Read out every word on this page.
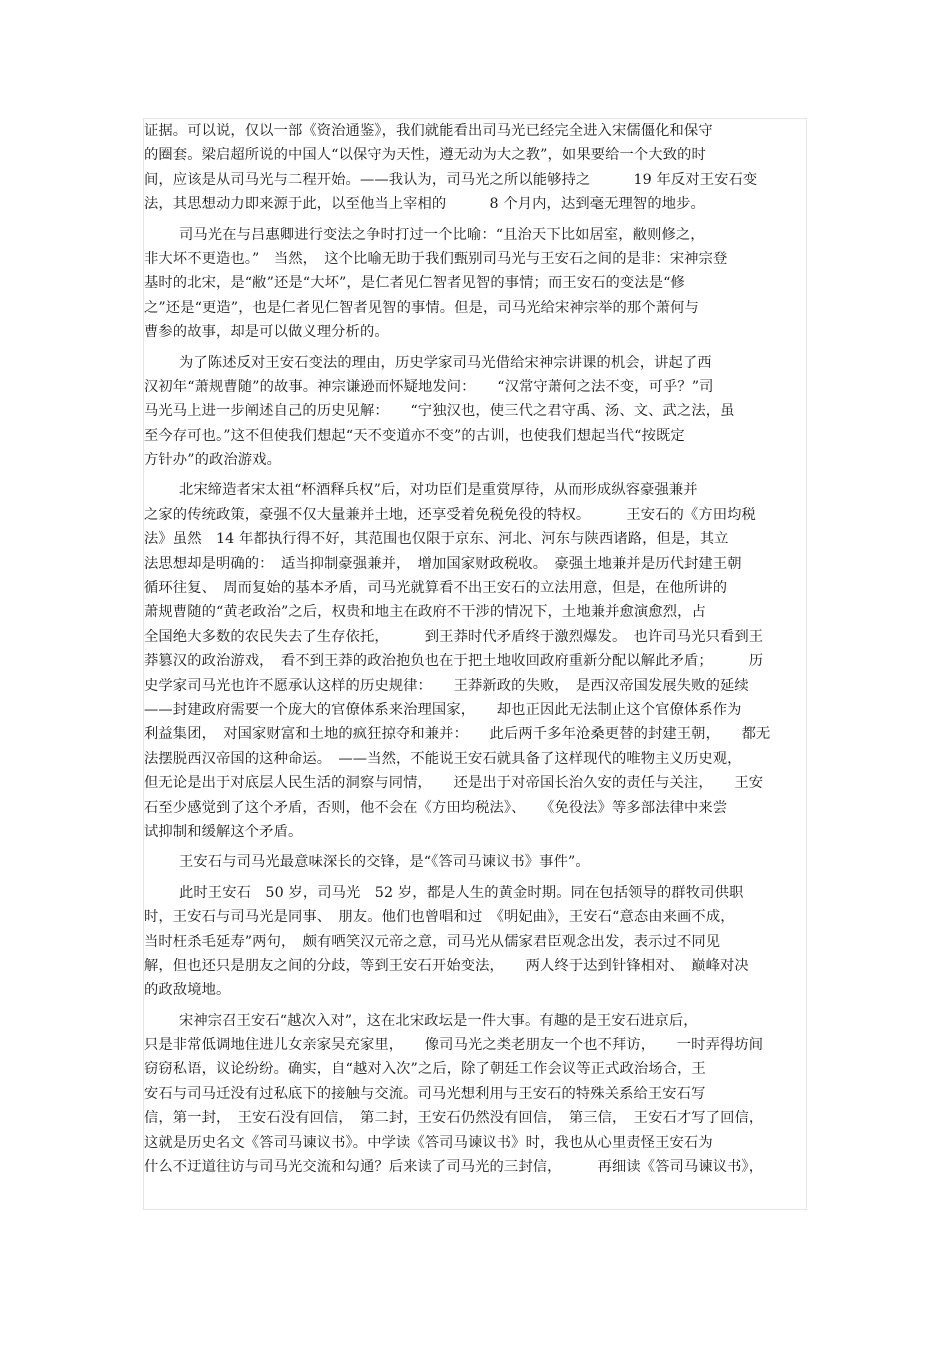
证据。可以说，仅以一部《资治通鉴》，我们就能看出司马光已经完全进入宋儒僵化和保守
的圈套。梁启超所说的中国人“以保守为天性，遵无动为大之教”，如果要给一个大致的时
间，应该是从司马光与二程开始。——我认为，司马光之所以能够持之　　　19 年反对王安石变
法，其思想动力即来源于此，以至他当上宰相的　　　8 个月内，达到毫无理智的地步。
司马光在与吕惠卿进行变法之争时打过一个比喻：“且治天下比如居室，敝则修之，
非大坏不更造也。”　当然，　这个比喻无助于我们甄别司马光与王安石之间的是非：宋神宗登
基时的北宋，是“敝”还是“大坏”，是仁者见仁智者见智的事情；而王安石的变法是“修
之”还是“更造”，也是仁者见仁智者见智的事情。但是，司马光给宋神宗举的那个萧何与
曹参的故事，却是可以做义理分析的。
为了陈述反对王安石变法的理由，历史学家司马光借给宋神宗讲课的机会，讲起了西
汉初年“萧规曹随”的故事。神宗谦逊而怀疑地发问：　　“汉常守萧何之法不变，可乎？”司
马光马上进一步阐述自己的历史见解：　　“宁独汉也，使三代之君守禹、汤、文、武之法，虽
至今存可也。”这不但使我们想起“天不变道亦不变”的古训，也使我们想起当代“按既定
方针办”的政治游戏。
北宋缔造者宋太祖“杯酒释兵权”后，对功臣们是重赏厚待，从而形成纵容豪强兼并
之家的传统政策，豪强不仅大量兼并土地，还享受着免税免役的特权。　　　王安石的《方田均税
法》虽然　14 年都执行得不好，其范围也仅限于京东、河北、河东与陕西诸路，但是，其立
法思想却是明确的：　适当抑制豪强兼并，　增加国家财政税收。　豪强土地兼并是历代封建王朝
循环往复、　周而复始的基本矛盾，司马光就算看不出王安石的立法用意，但是，在他所讲的
萧规曹随的“黄老政治”之后，权贵和地主在政府不干涉的情况下，土地兼并愈演愈烈，占
全国绝大多数的农民失去了生存依托，　　　到王莽时代矛盾终于激烈爆发。　也许司马光只看到王
莽篡汉的政治游戏，　看不到王莽的政治抱负也在于把土地收回政府重新分配以解此矛盾；　　　历
史学家司马光也许不愿承认这样的历史规律：　　王莽新政的失败，　是西汉帝国发展失败的延续
——封建政府需要一个庞大的官僚体系来治理国家，　　却也正因此无法制止这个官僚体系作为
利益集团，　对国家财富和土地的疯狂掠夺和兼并：　　此后两千多年沧桑更替的封建王朝，　　都无
法摆脱西汉帝国的这种命运。　——当然，不能说王安石就具备了这样现代的唯物主义历史观，
但无论是出于对底层人民生活的洞察与同情，　　还是出于对帝国长治久安的责任与关注，　　王安
石至少感觉到了这个矛盾，否则，他不会在《方田均税法》、　　《免役法》等多部法律中来尝
试抑制和缓解这个矛盾。
王安石与司马光最意味深长的交锋，是“《答司马谏议书》事件”。
此时王安石　50 岁，司马光　52 岁，都是人生的黄金时期。同在包括领导的群牧司供职
时，王安石与司马光是同事、　朋友。他们也曾唱和过　《明妃曲》，王安石“意态由来画不成，
当时枉杀毛延寿”两句，　颇有哂笑汉元帝之意，司马光从儒家君臣观念出发，表示过不同见
解，但也还只是朋友之间的分歧，等到王安石开始变法，　　两人终于达到针锋相对、　巅峰对决
的政敌境地。
宋神宗召王安石“越次入对”，这在北宋政坛是一件大事。有趣的是王安石进京后，
只是非常低调地住进儿女亲家吴充家里，　　像司马光之类老朋友一个也不拜访，　　一时弄得坊间
窃窃私语，议论纷纷。确实，自“越对入次”之后，除了朝廷工作会议等正式政治场合，王
安石与司马迁没有过私底下的接触与交流。司马光想利用与王安石的特殊关系给王安石写
信，第一封，　王安石没有回信，　第二封，王安石仍然没有回信，　第三信，　王安石才写了回信，
这就是历史名文《答司马谏议书》。中学读《答司马谏议书》时，我也从心里责怪王安石为
什么不迂道往访与司马光交流和勾通？后来读了司马光的三封信，　　　再细读《答司马谏议书》，
